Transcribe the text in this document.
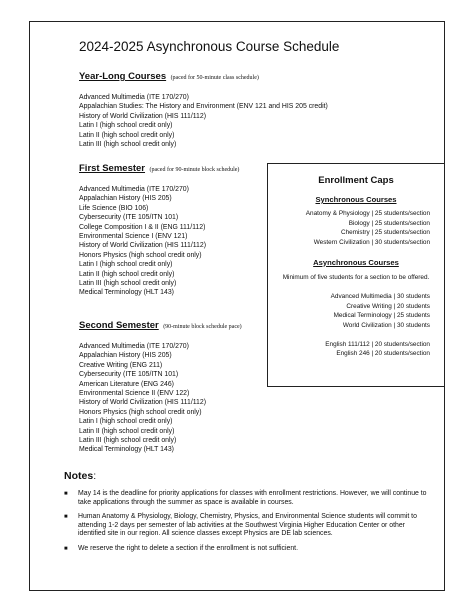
2024-2025 Asynchronous Course Schedule
Year-Long Courses (paced for 50-minute class schedule)
Advanced Multimedia (ITE 170/270)
Appalachian Studies: The History and Environment (ENV 121 and HIS 205 credit)
History of World Civilization (HIS 111/112)
Latin I (high school credit only)
Latin II (high school credit only)
Latin III (high school credit only)
First Semester (paced for 90-minute block schedule)
Advanced Multimedia (ITE 170/270)
Appalachian History (HIS 205)
Life Science (BIO 106)
Cybersecurity (ITE 105/ITN 101)
College Composition I & II (ENG 111/112)
Environmental Science I (ENV 121)
History of World Civilization (HIS 111/112)
Honors Physics (high school credit only)
Latin I (high school credit only)
Latin II (high school credit only)
Latin III (high school credit only)
Medical Terminology (HLT 143)
Second Semester (90-minute block schedule pace)
Advanced Multimedia (ITE 170/270)
Appalachian History (HIS 205)
Creative Writing (ENG 211)
Cybersecurity (ITE 105/ITN 101)
American Literature (ENG 246)
Environmental Science II (ENV 122)
History of World Civilization (HIS 111/112)
Honors Physics (high school credit only)
Latin I (high school credit only)
Latin II (high school credit only)
Latin III (high school credit only)
Medical Terminology (HLT 143)
Enrollment Caps
Synchronous Courses
Anatomy & Physiology | 25 students/section
Biology | 25 students/section
Chemistry | 25 students/section
Western Civilization | 30 students/section
Asynchronous Courses
Minimum of five students for a section to be offered.
Advanced Multimedia | 30 students
Creative Writing | 20 students
Medical Terminology | 25 students
World Civilization | 30 students
English 111/112 | 20 students/section
English 246 | 20 students/section
Notes:
■ May 14 is the deadline for priority applications for classes with enrollment restrictions. However, we will continue to take applications through the summer as space is available in courses.
■ Human Anatomy & Physiology, Biology, Chemistry, Physics, and Environmental Science students will commit to attending 1-2 days per semester of lab activities at the Southwest Virginia Higher Education Center or other identified site in our region. All science classes except Physics are DE lab sciences.
■ We reserve the right to delete a section if the enrollment is not sufficient.
